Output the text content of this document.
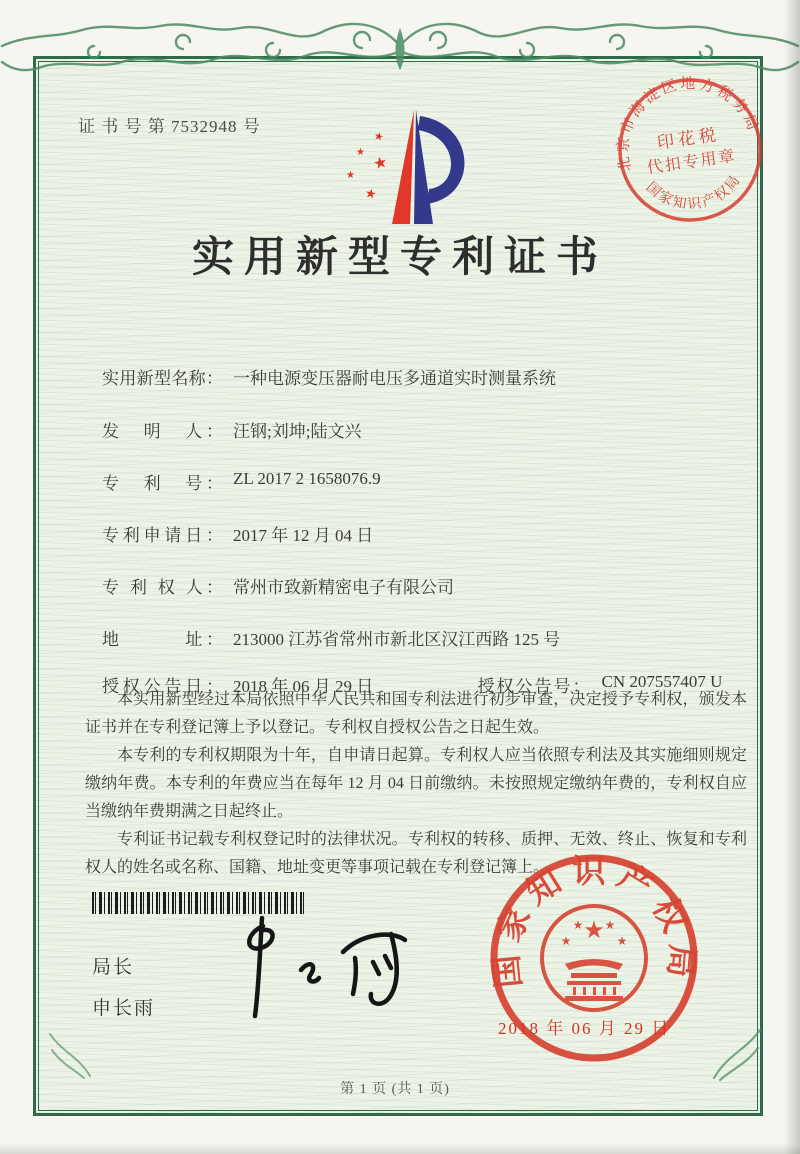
证 书 号 第 7532948 号
★
★
★
★
★
北京市海淀区地方税务局
国家知识产权局
印花税
代扣专用章
实用新型专利证书

实用新型名称： 一种电源变压器耐电压多通道实时测量系统

发　明　人： 汪钢;刘坤;陆文兴

专　利　号： ZL 2017 2 1658076.9

专利申请日： 2017 年 12 月 04 日

专 利 权 人： 常州市致新精密电子有限公司

地　　　址： 213000 江苏省常州市新北区汉江西路 125 号

授权公告日： 2018 年 06 月 29 日
	授权公告号： CN 207557407 U

本实用新型经过本局依照中华人民共和国专利法进行初步审查，决定授予专利权，颁发本证书并在专利登记簿上予以登记。专利权自授权公告之日起生效。

本专利的专利权期限为十年，自申请日起算。专利权人应当依照专利法及其实施细则规定缴纳年费。本专利的年费应当在每年 12 月 04 日前缴纳。未按照规定缴纳年费的，专利权自应当缴纳年费期满之日起终止。

专利证书记载专利权登记时的法律状况。专利权的转移、质押、无效、终止、恢复和专利权人的姓名或名称、国籍、地址变更等事项记载在专利登记簿上。

局长
申长雨
国家知识产权局
★
★
★ ★
★
2018 年 06 月 29 日
第 1 页 (共 1 页)
